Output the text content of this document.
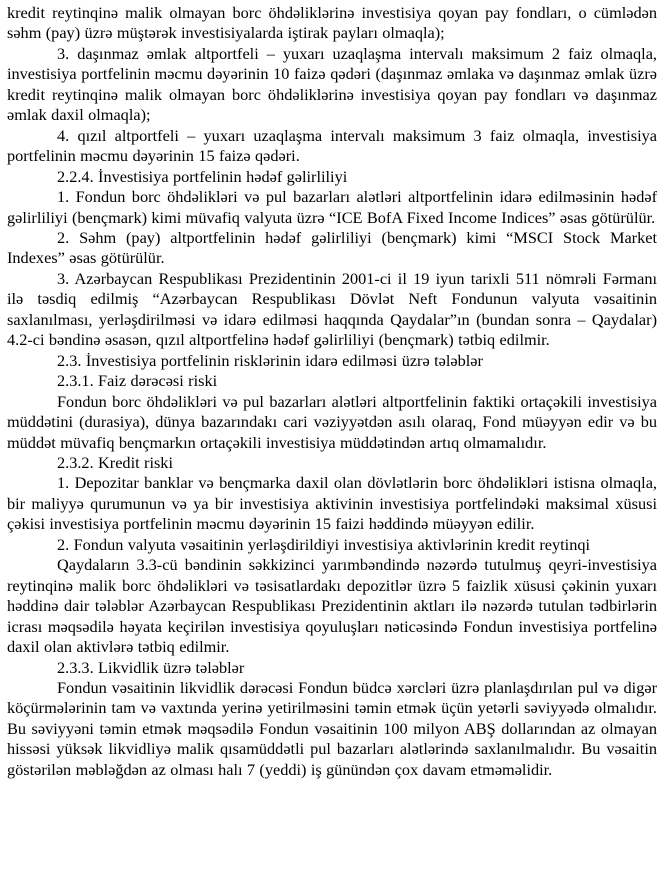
kredit reytinqinə malik olmayan borc öhdəliklərinə investisiya qoyan pay fondları, o cümlədən səhm (pay) üzrə müştərək investisiyalarda iştirak payları olmaqla);

3. daşınmaz əmlak altportfeli – yuxarı uzaqlaşma intervalı maksimum 2 faiz olmaqla, investisiya portfelinin məcmu dəyərinin 10 faizə qədəri (daşınmaz əmlaka və daşınmaz əmlak üzrə kredit reytinqinə malik olmayan borc öhdəliklərinə investisiya qoyan pay fondları və daşınmaz əmlak daxil olmaqla);

4. qızıl altportfeli – yuxarı uzaqlaşma intervalı maksimum 3 faiz olmaqla, investisiya portfelinin məcmu dəyərinin 15 faizə qədəri.

2.2.4. İnvestisiya portfelinin hədəf gəlirliliyi

1. Fondun borc öhdəlikləri və pul bazarları alətləri altportfelinin idarə edilməsinin hədəf gəlirliliyi (bençmark) kimi müvafiq valyuta üzrə “ICE BofA Fixed Income Indices” əsas götürülür.

2. Səhm (pay) altportfelinin hədəf gəlirliliyi (bençmark) kimi “MSCI Stock Market Indexes” əsas götürülür.

3. Azərbaycan Respublikası Prezidentinin 2001-ci il 19 iyun tarixli 511 nömrəli Fərmanı ilə təsdiq edilmiş “Azərbaycan Respublikası Dövlət Neft Fondunun valyuta vəsaitinin saxlanılması, yerləşdirilməsi və idarə edilməsi haqqında Qaydalar”ın (bundan sonra – Qaydalar) 4.2-ci bəndinə əsasən, qızıl altportfelinə hədəf gəlirliliyi (bençmark) tətbiq edilmir.

2.3. İnvestisiya portfelinin risklərinin idarə edilməsi üzrə tələblər

2.3.1. Faiz dərəcəsi riski

Fondun borc öhdəlikləri və pul bazarları alətləri altportfelinin faktiki ortaçəkili investisiya müddətini (durasiya), dünya bazarındakı cari vəziyyətdən asılı olaraq, Fond müəyyən edir və bu müddət müvafiq bençmarkın ortaçəkili investisiya müddətindən artıq olmamalıdır.

2.3.2. Kredit riski

1. Depozitar banklar və bençmarka daxil olan dövlətlərin borc öhdəlikləri istisna olmaqla, bir maliyyə qurumunun və ya bir investisiya aktivinin investisiya portfelindəki maksimal xüsusi çəkisi investisiya portfelinin məcmu dəyərinin 15 faizi həddində müəyyən edilir.

2. Fondun valyuta vəsaitinin yerləşdirildiyi investisiya aktivlərinin kredit reytinqi

Qaydaların 3.3-cü bəndinin səkkizinci yarımbəndində nəzərdə tutulmuş qeyri-investisiya reytinqinə malik borc öhdəlikləri və təsisatlardakı depozitlər üzrə 5 faizlik xüsusi çəkinin yuxarı həddinə dair tələblər Azərbaycan Respublikası Prezidentinin aktları ilə nəzərdə tutulan tədbirlərin icrası məqsədilə həyata keçirilən investisiya qoyuluşları nəticəsində Fondun investisiya portfelinə daxil olan aktivlərə tətbiq edilmir.

2.3.3. Likvidlik üzrə tələblər

Fondun vəsaitinin likvidlik dərəcəsi Fondun büdcə xərcləri üzrə planlaşdırılan pul və digər köçürmələrinin tam və vaxtında yerinə yetirilməsini təmin etmək üçün yetərli səviyyədə olmalıdır. Bu səviyyəni təmin etmək məqsədilə Fondun vəsaitinin 100 milyon ABŞ dollarından az olmayan hissəsi yüksək likvidliyə malik qısamüddətli pul bazarları alətlərində saxlanılmalıdır. Bu vəsaitin göstərilən məbləğdən az olması halı 7 (yeddi) iş günündən çox davam etməməlidir.
